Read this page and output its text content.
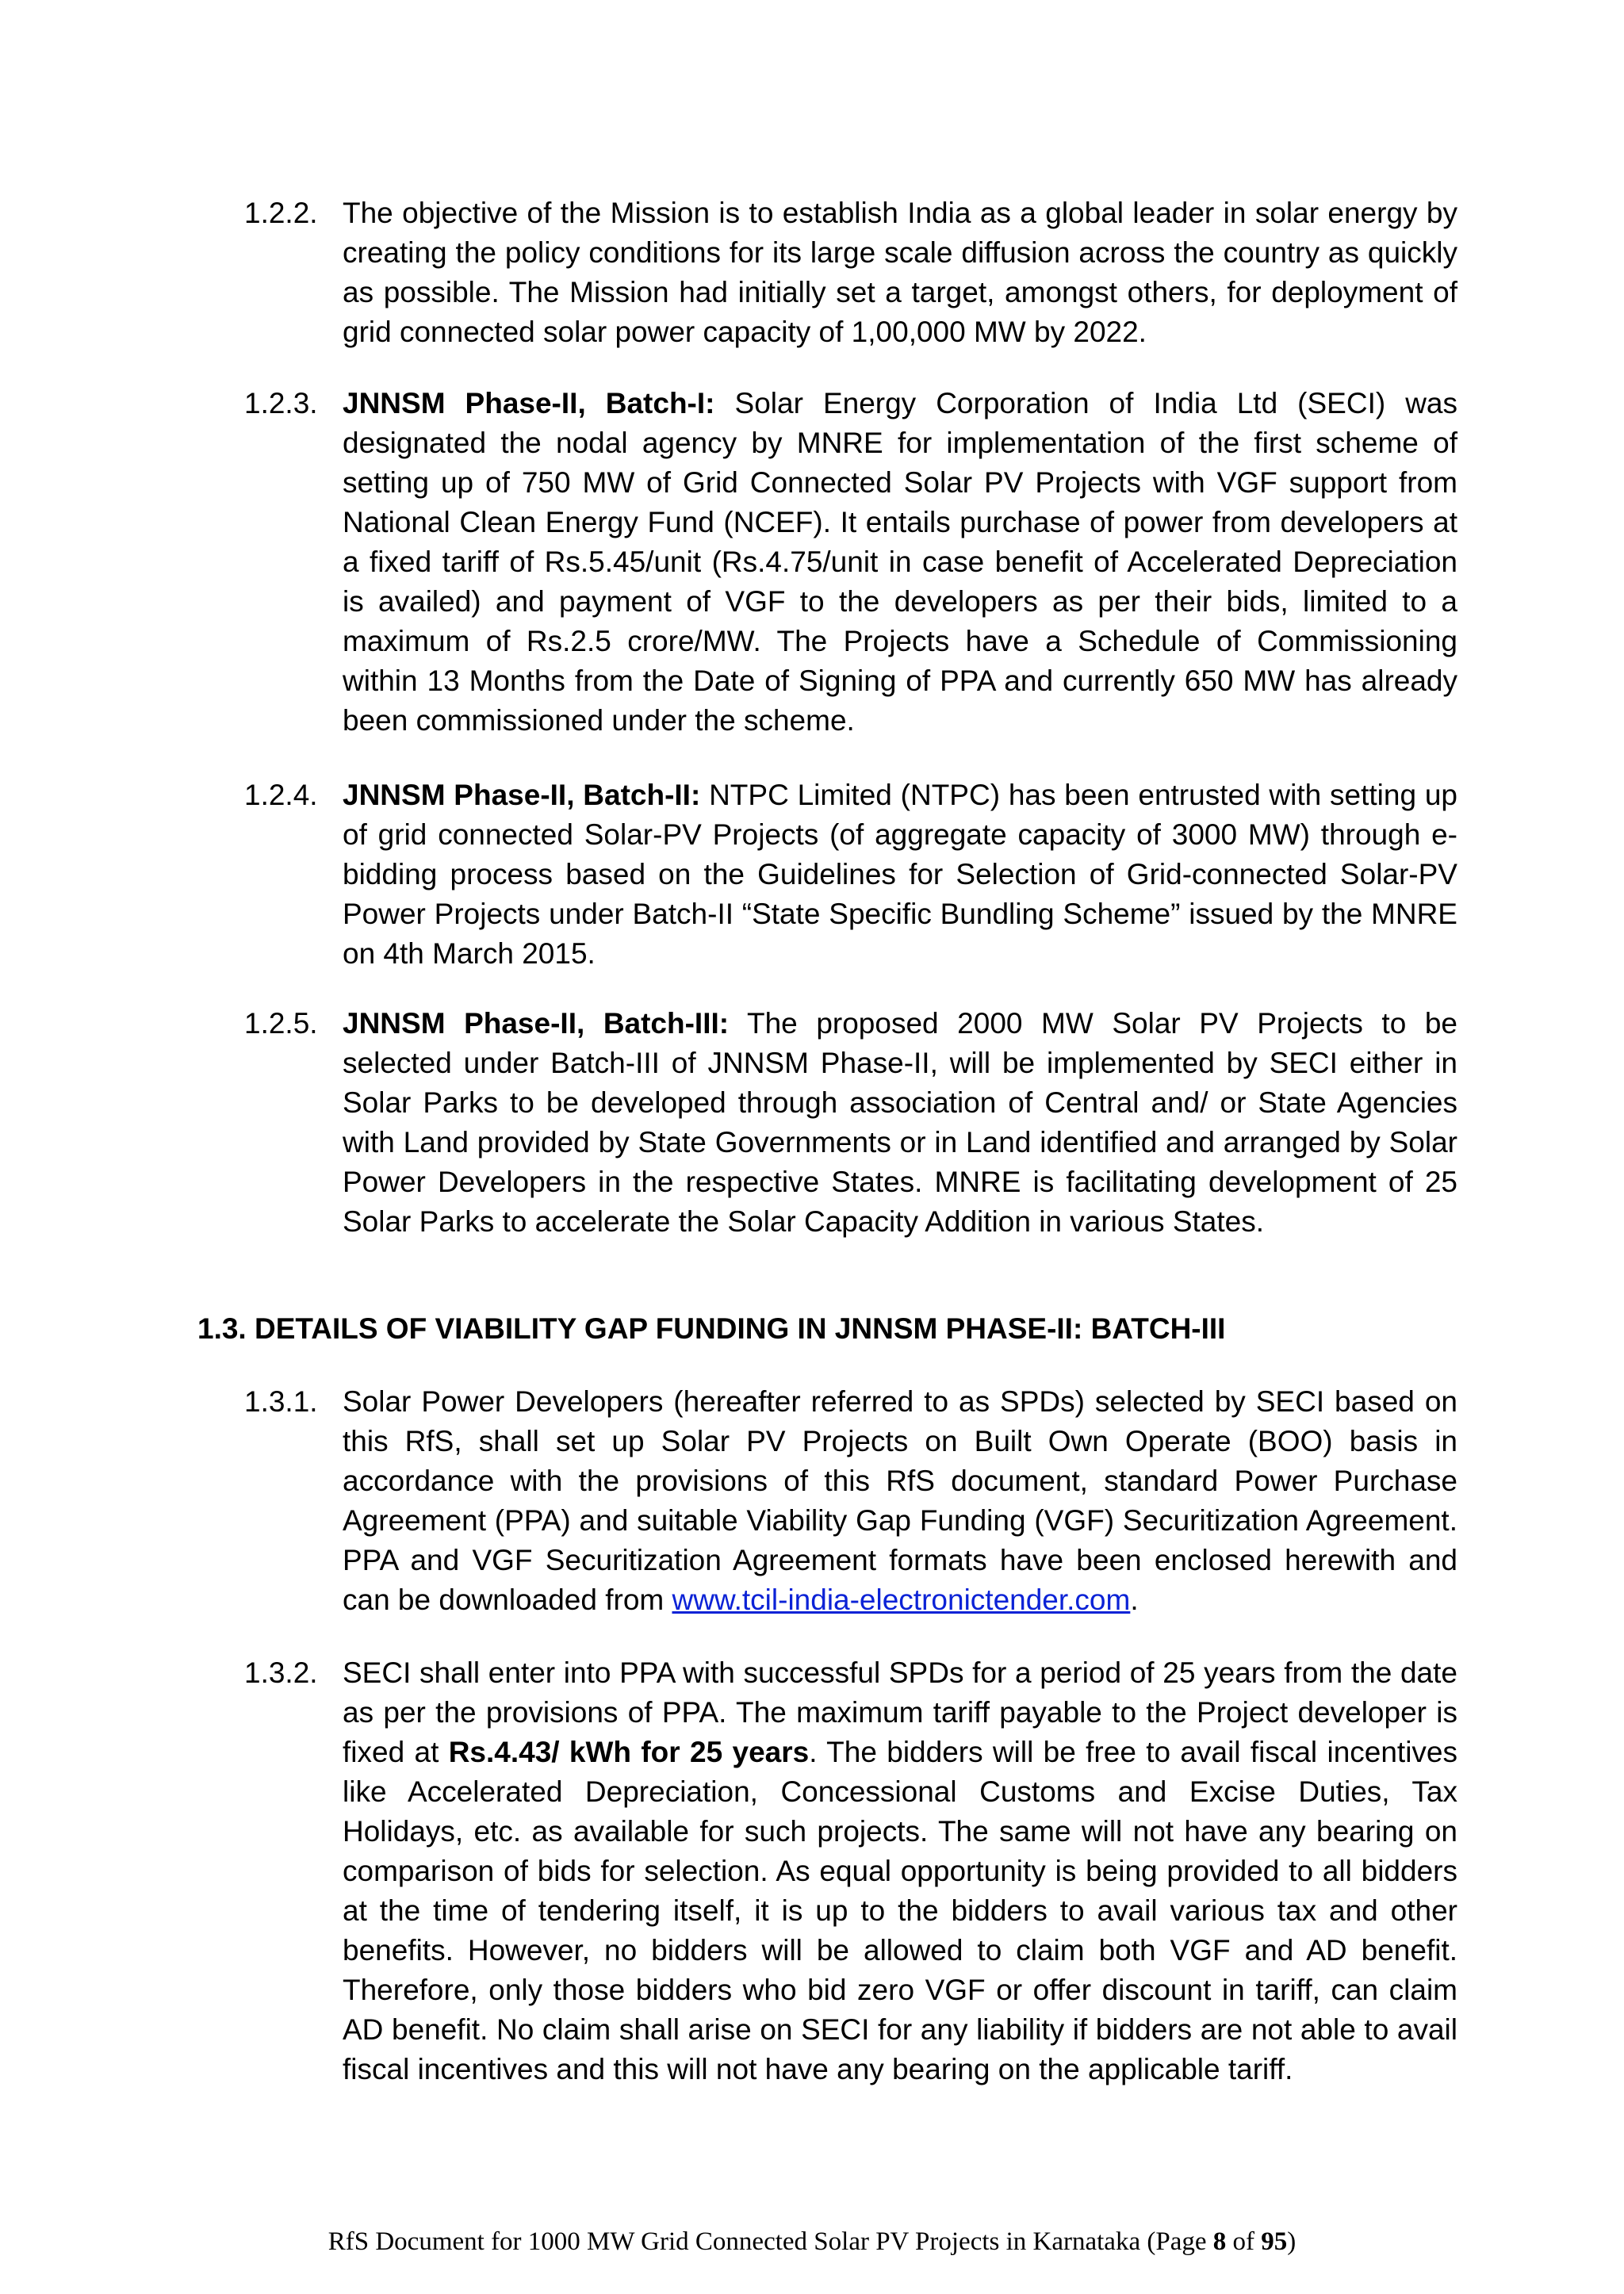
1.2.2. The objective of the Mission is to establish India as a global leader in solar energy by creating the policy conditions for its large scale diffusion across the country as quickly as possible. The Mission had initially set a target, amongst others, for deployment of grid connected solar power capacity of 1,00,000 MW by 2022.
1.2.3. JNNSM Phase-II, Batch-I: Solar Energy Corporation of India Ltd (SECI) was designated the nodal agency by MNRE for implementation of the first scheme of setting up of 750 MW of Grid Connected Solar PV Projects with VGF support from National Clean Energy Fund (NCEF). It entails purchase of power from developers at a fixed tariff of Rs.5.45/unit (Rs.4.75/unit in case benefit of Accelerated Depreciation is availed) and payment of VGF to the developers as per their bids, limited to a maximum of Rs.2.5 crore/MW. The Projects have a Schedule of Commissioning within 13 Months from the Date of Signing of PPA and currently 650 MW has already been commissioned under the scheme.
1.2.4. JNNSM Phase-II, Batch-II: NTPC Limited (NTPC) has been entrusted with setting up of grid connected Solar-PV Projects (of aggregate capacity of 3000 MW) through e-bidding process based on the Guidelines for Selection of Grid-connected Solar-PV Power Projects under Batch-II “State Specific Bundling Scheme” issued by the MNRE on 4th March 2015.
1.2.5. JNNSM Phase-II, Batch-III: The proposed 2000 MW Solar PV Projects to be selected under Batch-III of JNNSM Phase-II, will be implemented by SECI either in Solar Parks to be developed through association of Central and/ or State Agencies with Land provided by State Governments or in Land identified and arranged by Solar Power Developers in the respective States. MNRE is facilitating development of 25 Solar Parks to accelerate the Solar Capacity Addition in various States.
1.3. DETAILS OF VIABILITY GAP FUNDING IN JNNSM PHASE-II: BATCH-III
1.3.1. Solar Power Developers (hereafter referred to as SPDs) selected by SECI based on this RfS, shall set up Solar PV Projects on Built Own Operate (BOO) basis in accordance with the provisions of this RfS document, standard Power Purchase Agreement (PPA) and suitable Viability Gap Funding (VGF) Securitization Agreement. PPA and VGF Securitization Agreement formats have been enclosed herewith and can be downloaded from www.tcil-india-electronictender.com.
1.3.2. SECI shall enter into PPA with successful SPDs for a period of 25 years from the date as per the provisions of PPA. The maximum tariff payable to the Project developer is fixed at Rs.4.43/ kWh for 25 years. The bidders will be free to avail fiscal incentives like Accelerated Depreciation, Concessional Customs and Excise Duties, Tax Holidays, etc. as available for such projects. The same will not have any bearing on comparison of bids for selection. As equal opportunity is being provided to all bidders at the time of tendering itself, it is up to the bidders to avail various tax and other benefits. However, no bidders will be allowed to claim both VGF and AD benefit. Therefore, only those bidders who bid zero VGF or offer discount in tariff, can claim AD benefit. No claim shall arise on SECI for any liability if bidders are not able to avail fiscal incentives and this will not have any bearing on the applicable tariff.
RfS Document for 1000 MW Grid Connected Solar PV Projects in Karnataka (Page 8 of 95)
